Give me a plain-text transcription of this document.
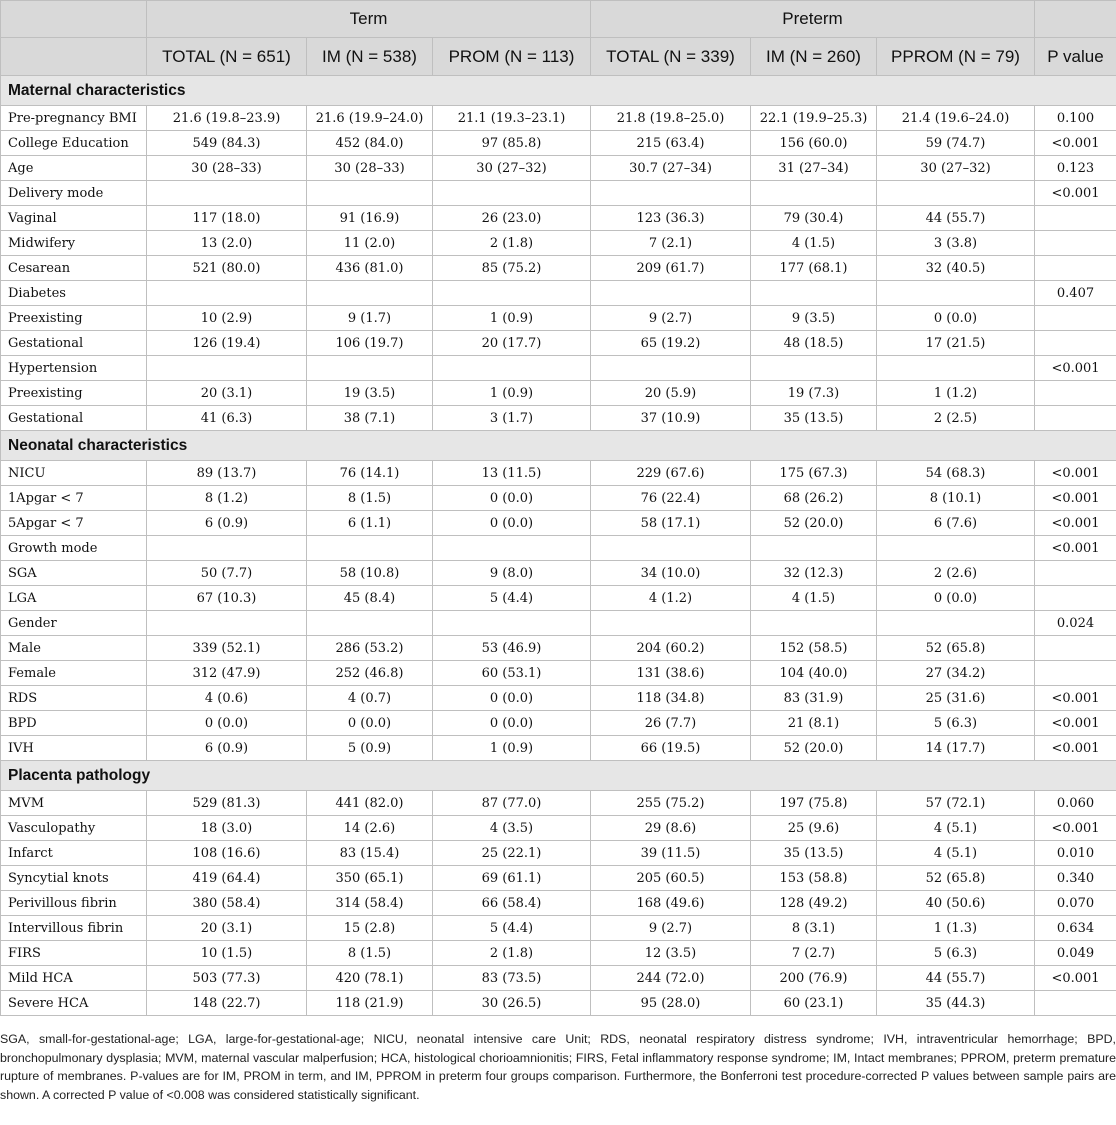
	Term			Preterm			
	TOTAL (N = 651)	IM (N = 538)	PROM (N = 113)	TOTAL (N = 339)	IM (N = 260)	PPROM (N = 79)	P value
Maternal characteristics							
Pre-pregnancy BMI	21.6 (19.8–23.9)	21.6 (19.9–24.0)	21.1 (19.3–23.1)	21.8 (19.8–25.0)	22.1 (19.9–25.3)	21.4 (19.6–24.0)	0.100
College Education	549 (84.3)	452 (84.0)	97 (85.8)	215 (63.4)	156 (60.0)	59 (74.7)	<0.001
Age	30 (28–33)	30 (28–33)	30 (27–32)	30.7 (27–34)	31 (27–34)	30 (27–32)	0.123
Delivery mode							<0.001
Vaginal	117 (18.0)	91 (16.9)	26 (23.0)	123 (36.3)	79 (30.4)	44 (55.7)	
Midwifery	13 (2.0)	11 (2.0)	2 (1.8)	7 (2.1)	4 (1.5)	3 (3.8)	
Cesarean	521 (80.0)	436 (81.0)	85 (75.2)	209 (61.7)	177 (68.1)	32 (40.5)	
Diabetes							0.407
Preexisting	10 (2.9)	9 (1.7)	1 (0.9)	9 (2.7)	9 (3.5)	0 (0.0)	
Gestational	126 (19.4)	106 (19.7)	20 (17.7)	65 (19.2)	48 (18.5)	17 (21.5)	
Hypertension							<0.001
Preexisting	20 (3.1)	19 (3.5)	1 (0.9)	20 (5.9)	19 (7.3)	1 (1.2)	
Gestational	41 (6.3)	38 (7.1)	3 (1.7)	37 (10.9)	35 (13.5)	2 (2.5)	
Neonatal characteristics							
NICU	89 (13.7)	76 (14.1)	13 (11.5)	229 (67.6)	175 (67.3)	54 (68.3)	<0.001
1Apgar < 7	8 (1.2)	8 (1.5)	0 (0.0)	76 (22.4)	68 (26.2)	8 (10.1)	<0.001
5Apgar < 7	6 (0.9)	6 (1.1)	0 (0.0)	58 (17.1)	52 (20.0)	6 (7.6)	<0.001
Growth mode							<0.001
SGA	50 (7.7)	58 (10.8)	9 (8.0)	34 (10.0)	32 (12.3)	2 (2.6)	
LGA	67 (10.3)	45 (8.4)	5 (4.4)	4 (1.2)	4 (1.5)	0 (0.0)	
Gender							0.024
Male	339 (52.1)	286 (53.2)	53 (46.9)	204 (60.2)	152 (58.5)	52 (65.8)	
Female	312 (47.9)	252 (46.8)	60 (53.1)	131 (38.6)	104 (40.0)	27 (34.2)	
RDS	4 (0.6)	4 (0.7)	0 (0.0)	118 (34.8)	83 (31.9)	25 (31.6)	<0.001
BPD	0 (0.0)	0 (0.0)	0 (0.0)	26 (7.7)	21 (8.1)	5 (6.3)	<0.001
IVH	6 (0.9)	5 (0.9)	1 (0.9)	66 (19.5)	52 (20.0)	14 (17.7)	<0.001
Placenta pathology							
MVM	529 (81.3)	441 (82.0)	87 (77.0)	255 (75.2)	197 (75.8)	57 (72.1)	0.060
Vasculopathy	18 (3.0)	14 (2.6)	4 (3.5)	29 (8.6)	25 (9.6)	4 (5.1)	<0.001
Infarct	108 (16.6)	83 (15.4)	25 (22.1)	39 (11.5)	35 (13.5)	4 (5.1)	0.010
Syncytial knots	419 (64.4)	350 (65.1)	69 (61.1)	205 (60.5)	153 (58.8)	52 (65.8)	0.340
Perivillous fibrin	380 (58.4)	314 (58.4)	66 (58.4)	168 (49.6)	128 (49.2)	40 (50.6)	0.070
Intervillous fibrin	20 (3.1)	15 (2.8)	5 (4.4)	9 (2.7)	8 (3.1)	1 (1.3)	0.634
FIRS	10 (1.5)	8 (1.5)	2 (1.8)	12 (3.5)	7 (2.7)	5 (6.3)	0.049
Mild HCA	503 (77.3)	420 (78.1)	83 (73.5)	244 (72.0)	200 (76.9)	44 (55.7)	<0.001
Severe HCA	148 (22.7)	118 (21.9)	30 (26.5)	95 (28.0)	60 (23.1)	35 (44.3)	

SGA, small-for-gestational-age; LGA, large-for-gestational-age; NICU, neonatal intensive care Unit; RDS, neonatal respiratory distress syndrome; IVH, intraventricular hemorrhage; BPD, bronchopulmonary dysplasia; MVM, maternal vascular malperfusion; HCA, histological chorioamnionitis; FIRS, Fetal inflammatory response syndrome; IM, Intact membranes; PPROM, preterm premature rupture of membranes. P-values are for IM, PROM in term, and IM, PPROM in preterm four groups comparison. Furthermore, the Bonferroni test procedure-corrected P values between sample pairs are shown. A corrected P value of <0.008 was considered statistically significant.
